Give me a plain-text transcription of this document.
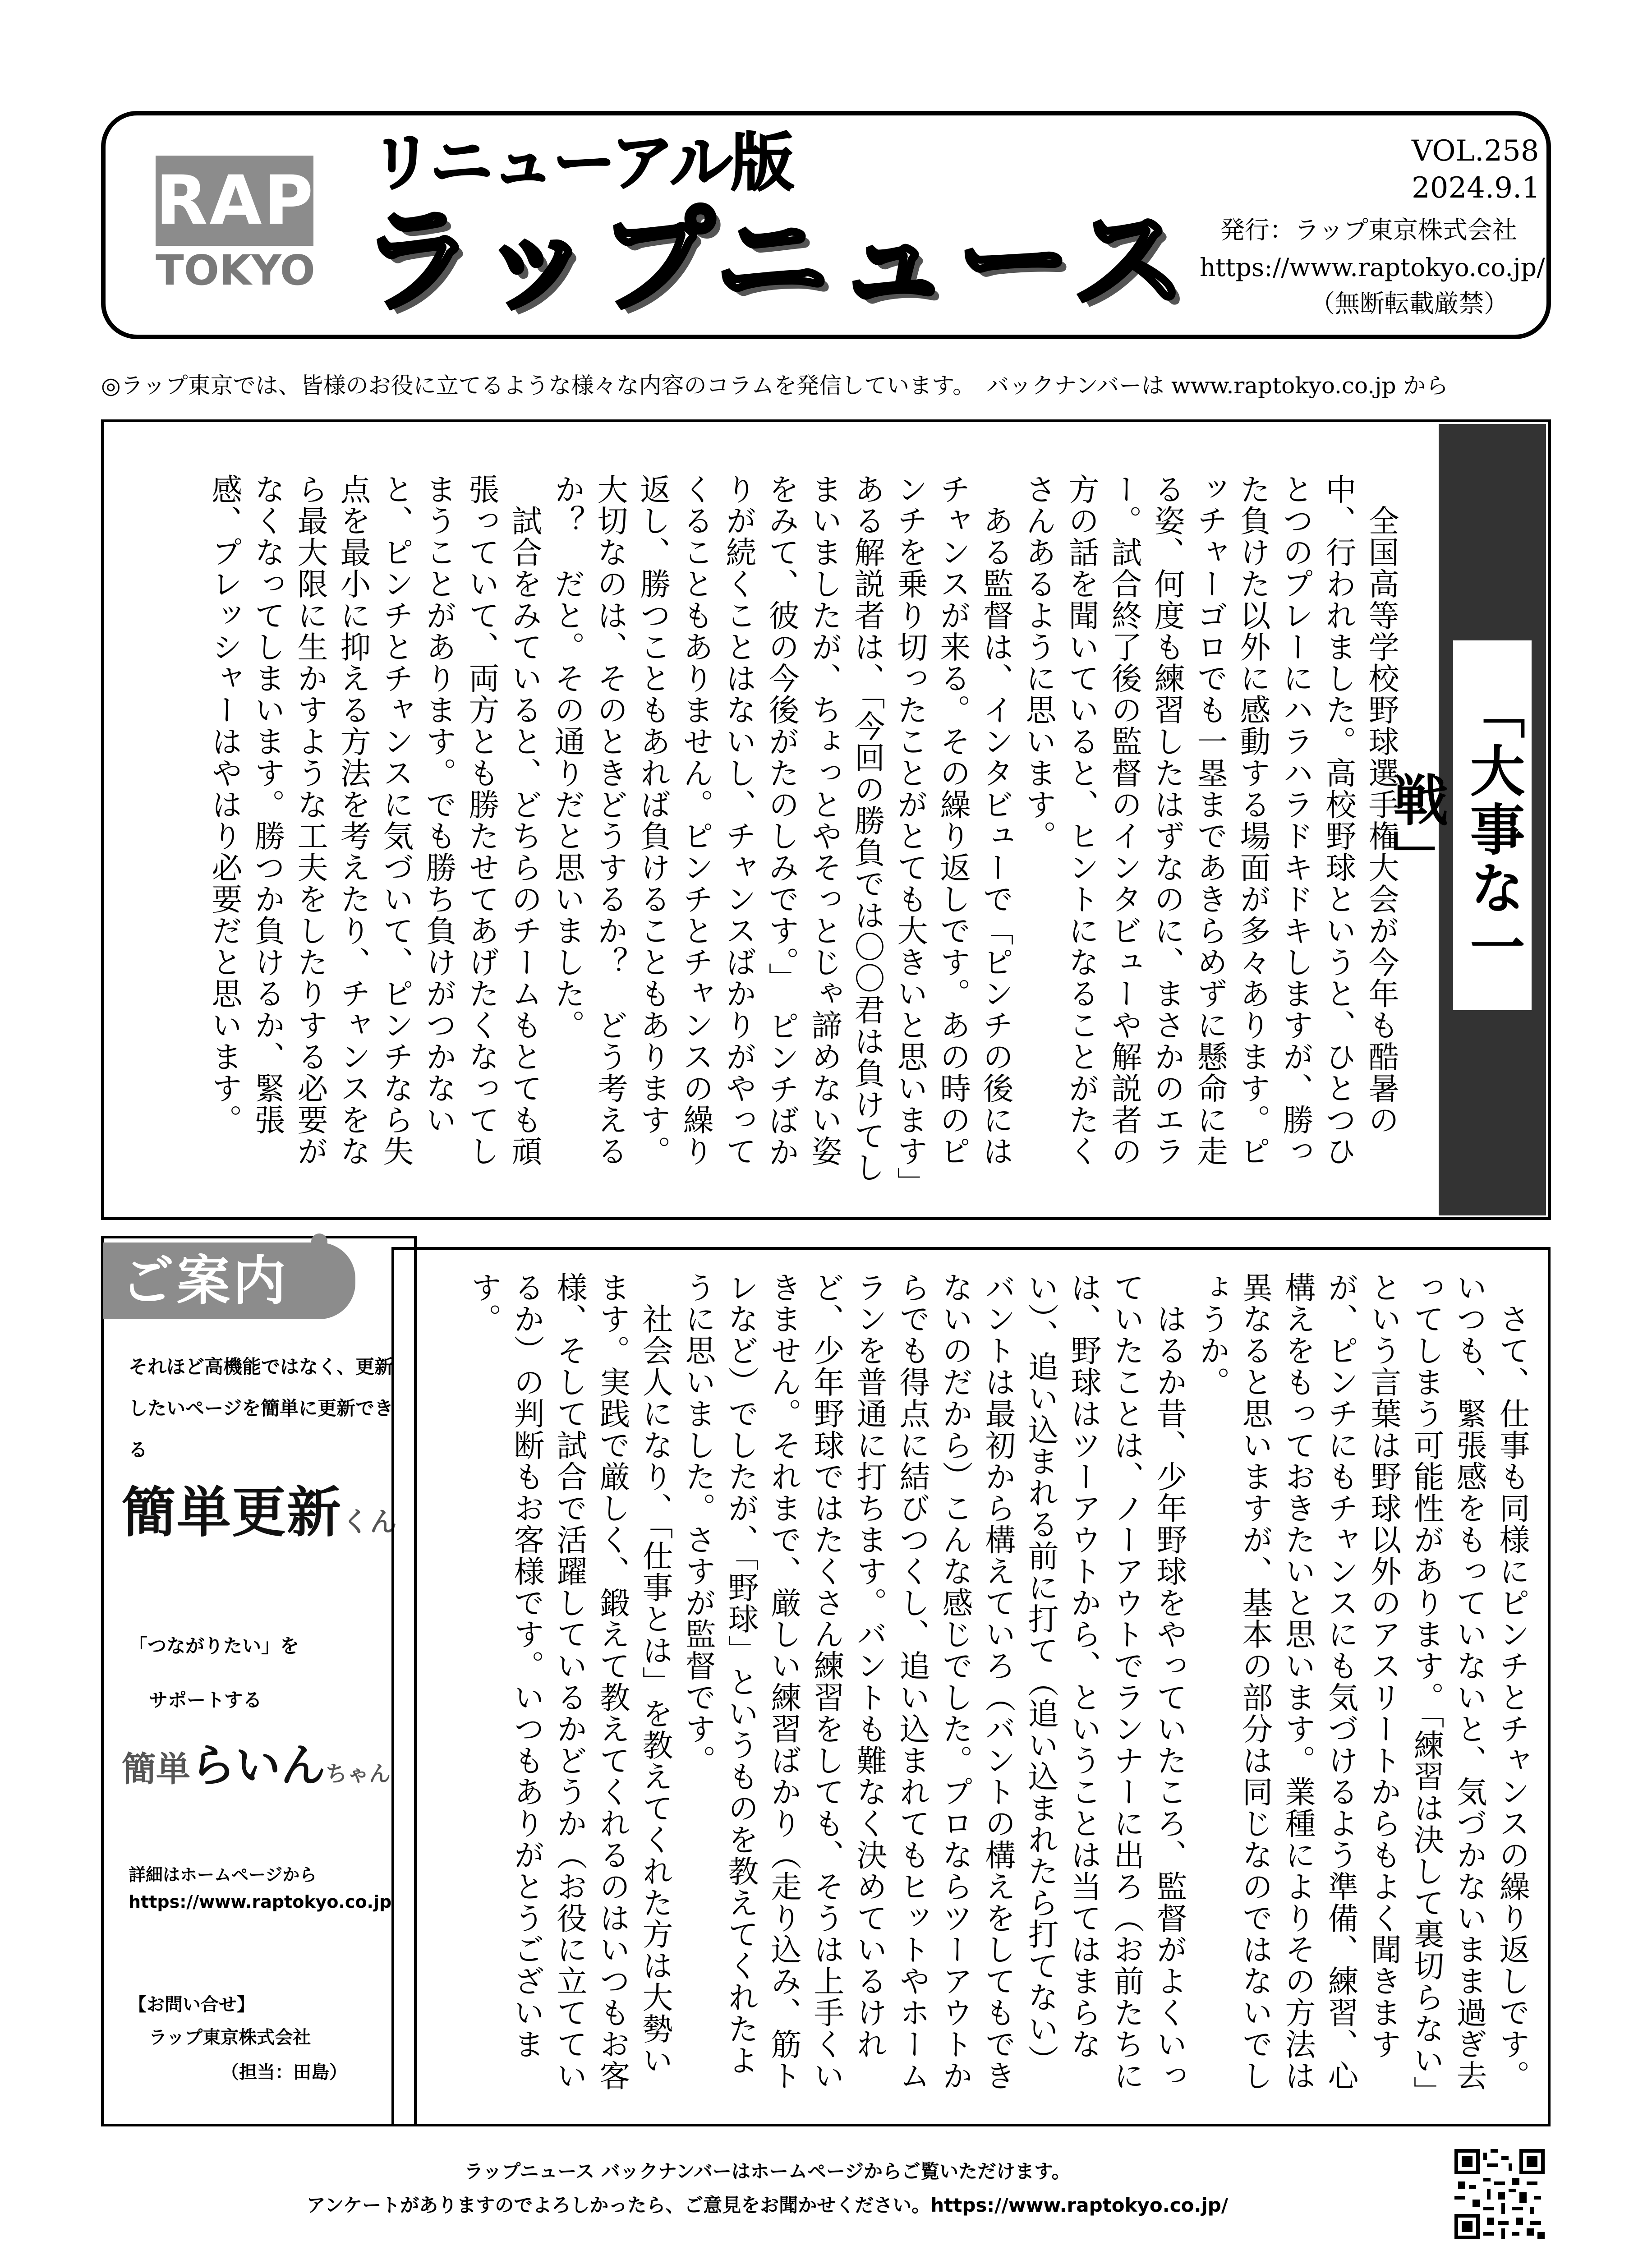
RAP
TOKYO
リニューアル版
ラップニュース
VOL.258
2024.9.1
発行：ラップ東京株式会社
https://www.raptokyo.co.jp/
（無断転載厳禁）
◎ラップ東京では、皆様のお役に立てるような様々な内容のコラムを発信しています。　バックナンバーは www.raptokyo.co.jp から
「大事な一戦」
　全国高等学校野球選手権大会が今年も酷暑の中、行われました。高校野球というと、ひとつひとつのプレーにハラハラドキドキしますが、勝った負けた以外に感動する場面が多々あります。ピッチャーゴロでも一塁まであきらめずに懸命に走る姿、何度も練習したはずなのに、まさかのエラー。試合終了後の監督のインタビューや解説者の方の話を聞いていると、ヒントになることがたくさんあるように思います。
　ある監督は、インタビューで「ピンチの後にはチャンスが来る。その繰り返しです。あの時のピンチを乗り切ったことがとても大きいと思います」ある解説者は、「今回の勝負では〇〇君は負けてしまいましたが、ちょっとやそっとじゃ諦めない姿をみて、彼の今後がたのしみです。」　ピンチばかりが続くことはないし、チャンスばかりがやってくることもありません。ピンチとチャンスの繰り返し、勝つこともあれば負けることもあります。大切なのは、そのときどうするか？　どう考えるか？　だと。その通りだと思いました。
　試合をみていると、どちらのチームもとても頑張っていて、両方とも勝たせてあげたくなってしまうことがあります。でも勝ち負けがつかないと、ピンチとチャンスに気づいて、ピンチなら失点を最小に抑える方法を考えたり、チャンスをなら最大限に生かすような工夫をしたりする必要がなくなってしまいます。勝つか負けるか、緊張感、プレッシャーはやはり必要だと思います。
ご案内
それほど高機能ではなく、更新したいページを簡単に更新できる
簡単更新くん
「つながりたい」を
サポートする
簡単らいんちゃん
詳細はホームページから
https://www.raptokyo.co.jp
【お問い合せ】
ラップ東京株式会社
（担当：田島）	　さて、仕事も同様にピンチとチャンスの繰り返しです。いつも、緊張感をもっていないと、気づかないまま過ぎ去ってしまう可能性があります。「練習は決して裏切らない」という言葉は野球以外のアスリートからもよく聞きますが、ピンチにもチャンスにも気づけるよう準備、練習、心構えをもっておきたいと思います。業種によりその方法は異なると思いますが、基本の部分は同じなのではないでしょうか。
　はるか昔、少年野球をやっていたころ、監督がよくいっていたことは、ノーアウトでランナーに出ろ（お前たちには、野球はツーアウトから、ということは当てはまらない）、追い込まれる前に打て（追い込まれたら打てない）バントは最初から構えていろ（バントの構えをしてもできないのだから）こんな感じでした。プロならツーアウトからでも得点に結びつくし、追い込まれてもヒットやホームランを普通に打ちます。バントも難なく決めているけれど、少年野球ではたくさん練習をしても、そうは上手くいきません。それまで、厳しい練習ばかり（走り込み、筋トレなど）でしたが、「野球」というものを教えてくれたように思いました。さすが監督です。
　社会人になり、「仕事とは」を教えてくれた方は大勢います。実践で厳しく、鍛えて教えてくれるのはいつもお客様、そして試合で活躍しているかどうか（お役に立てているか）の判断もお客様です。いつもありがとうございます。
ラップニュース バックナンバーはホームページからご覧いただけます。
アンケートがありますのでよろしかったら、ご意見をお聞かせください。https://www.raptokyo.co.jp/
